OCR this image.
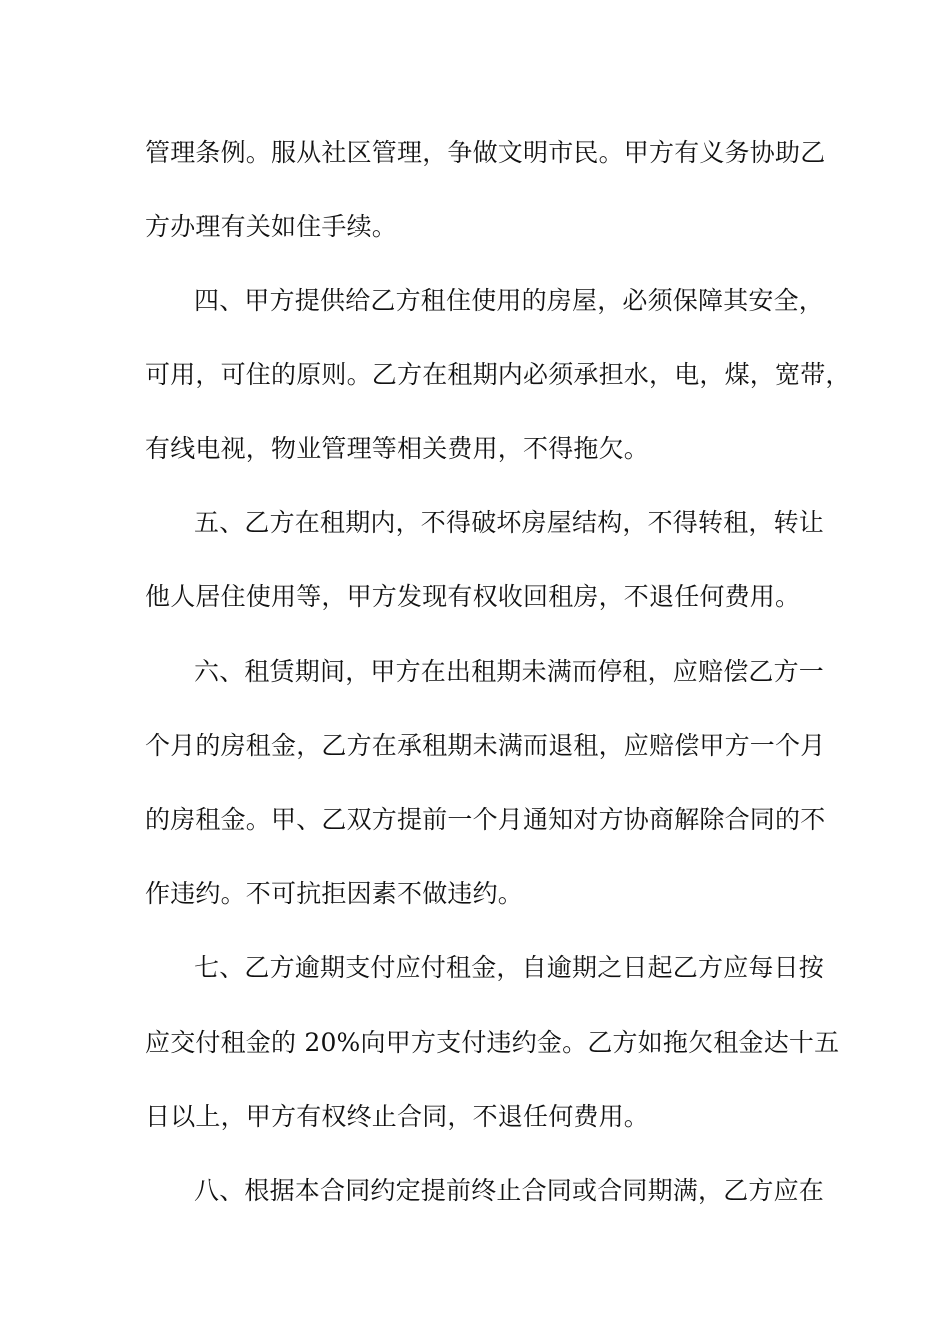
管理条例。服从社区管理，争做文明市民。甲方有义务协助乙
方办理有关如住手续。
四、甲方提供给乙方租住使用的房屋，必须保障其安全，
可用，可住的原则。乙方在租期内必须承担水，电，煤，宽带，
有线电视，物业管理等相关费用，不得拖欠。
五、乙方在租期内，不得破坏房屋结构，不得转租，转让
他人居住使用等，甲方发现有权收回租房，不退任何费用。
六、租赁期间，甲方在出租期未满而停租，应赔偿乙方一
个月的房租金，乙方在承租期未满而退租，应赔偿甲方一个月
的房租金。甲、乙双方提前一个月通知对方协商解除合同的不
作违约。不可抗拒因素不做违约。
七、乙方逾期支付应付租金，自逾期之日起乙方应每日按
应交付租金的 20%向甲方支付违约金。乙方如拖欠租金达十五
日以上，甲方有权终止合同，不退任何费用。
八、根据本合同约定提前终止合同或合同期满，乙方应在
